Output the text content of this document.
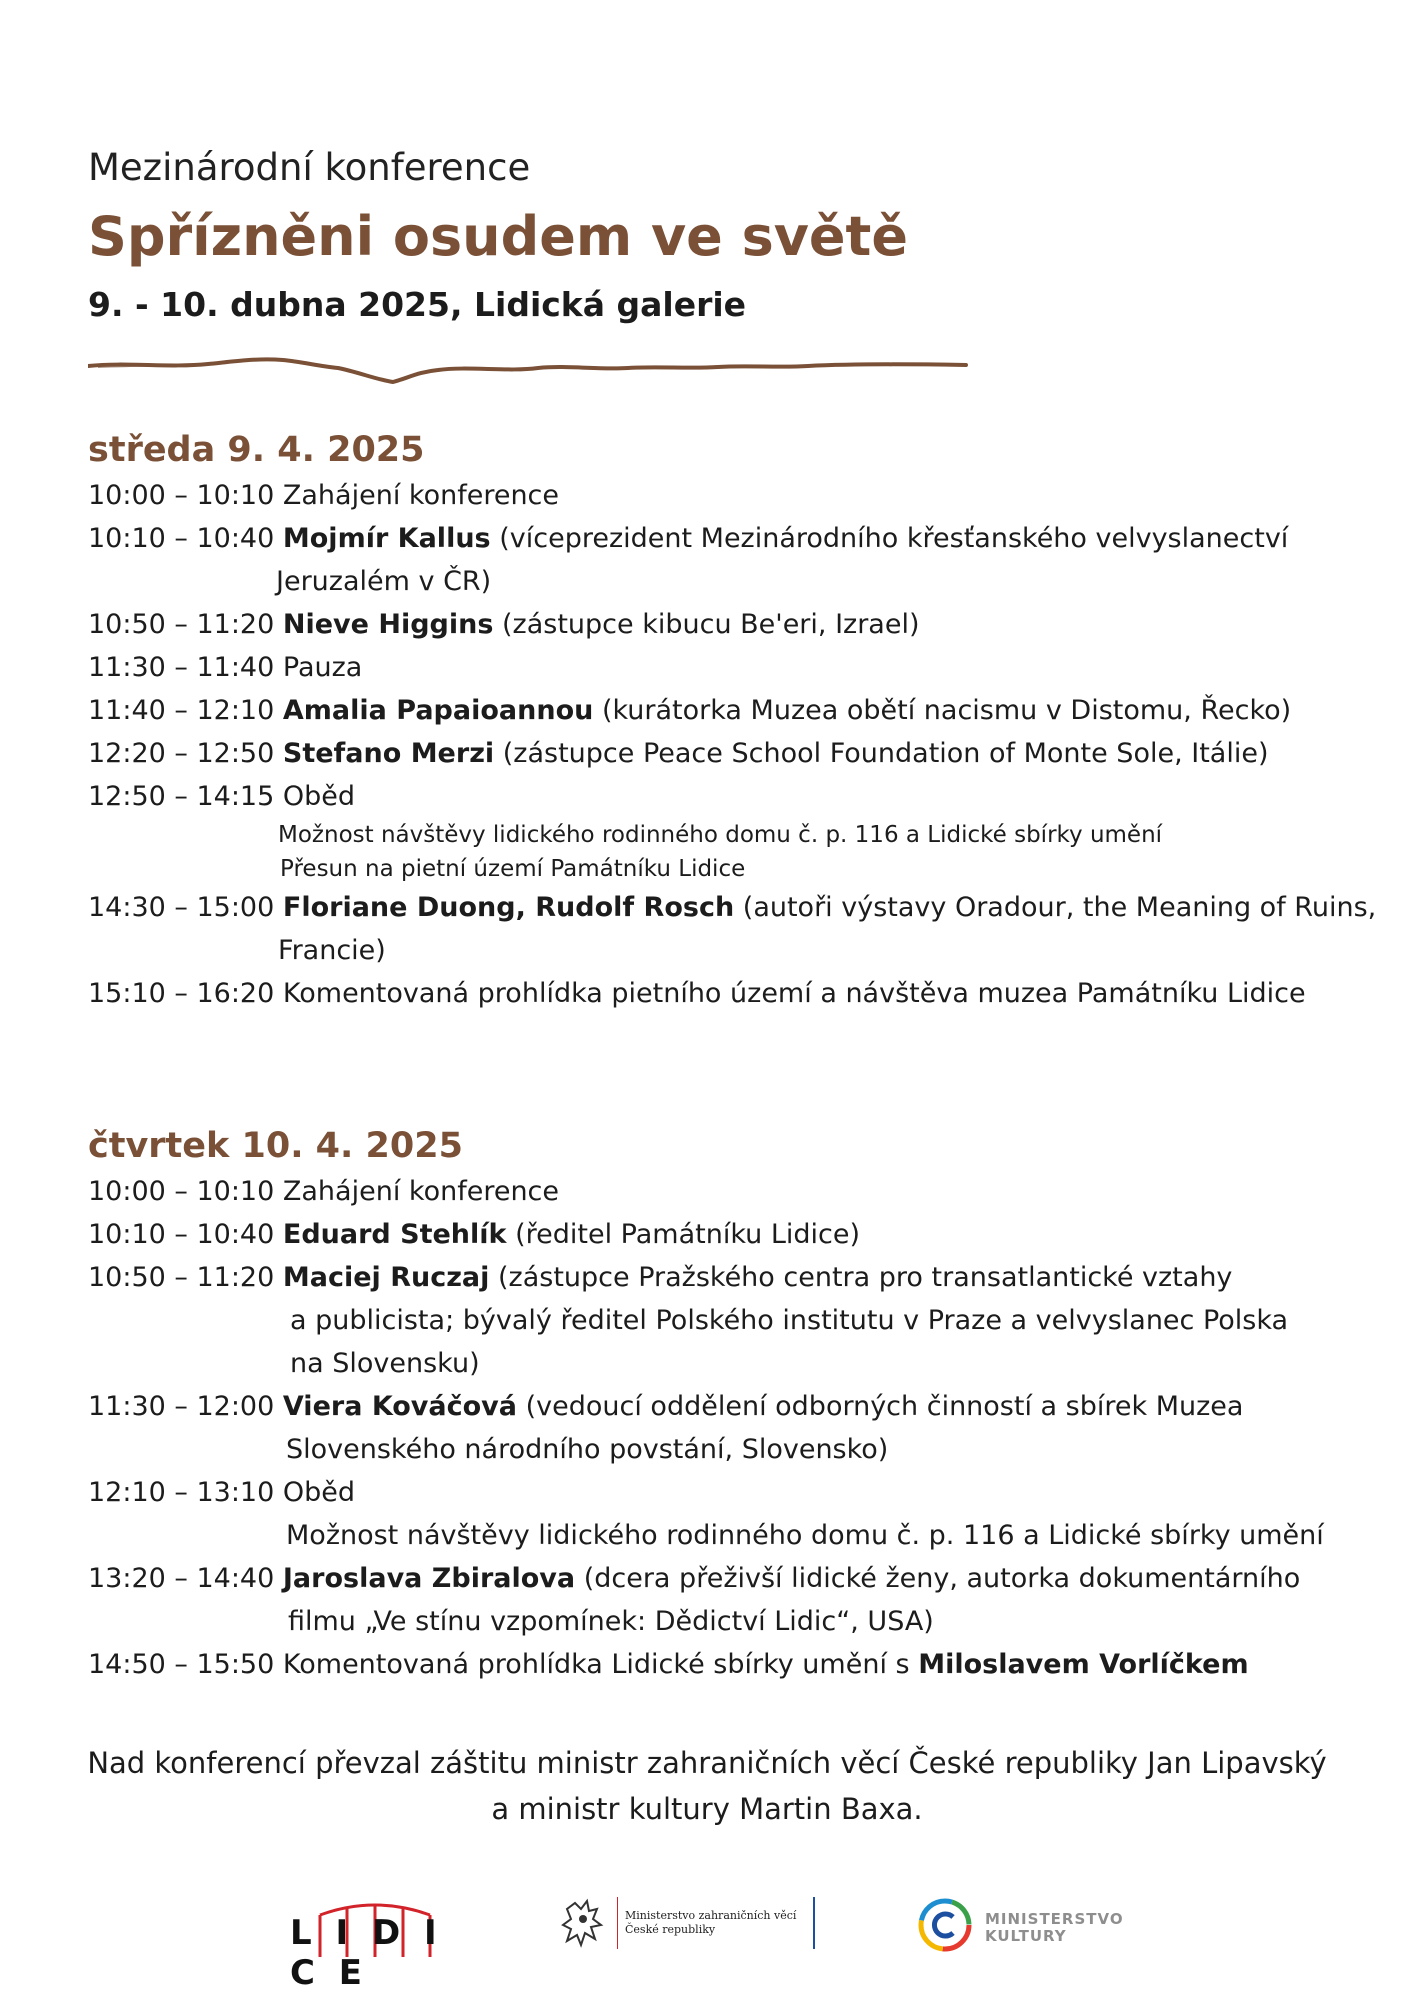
Mezinárodní konference
Spřízněni osudem ve světě
9. - 10. dubna 2025, Lidická galerie
středa 9. 4. 2025
10:00 – 10:10 Zahájení konference
10:10 – 10:40 Mojmír Kallus (víceprezident Mezinárodního křesťanského velvyslanectví
Jeruzalém v ČR)
10:50 – 11:20 Nieve Higgins (zástupce kibucu Be'eri, Izrael)
11:30 – 11:40 Pauza
11:40 – 12:10 Amalia Papaioannou (kurátorka Muzea obětí nacismu v Distomu, Řecko)
12:20 – 12:50 Stefano Merzi (zástupce Peace School Foundation of Monte Sole, Itálie)
12:50 – 14:15 Oběd
Možnost návštěvy lidického rodinného domu č. p. 116 a Lidické sbírky umění
Přesun na pietní území Památníku Lidice
14:30 – 15:00 Floriane Duong, Rudolf Rosch (autoři výstavy Oradour, the Meaning of Ruins,
Francie)
15:10 – 16:20 Komentovaná prohlídka pietního území a návštěva muzea Památníku Lidice
čtvrtek 10. 4. 2025
10:00 – 10:10 Zahájení konference
10:10 – 10:40 Eduard Stehlík (ředitel Památníku Lidice)
10:50 – 11:20 Maciej Ruczaj (zástupce Pražského centra pro transatlantické vztahy
a publicista; bývalý ředitel Polského institutu v Praze a velvyslanec Polska
na Slovensku)
11:30 – 12:00 Viera Kováčová (vedoucí oddělení odborných činností a sbírek Muzea
Slovenského národního povstání, Slovensko)
12:10 – 13:10 Oběd
Možnost návštěvy lidického rodinného domu č. p. 116 a Lidické sbírky umění
13:20 – 14:40 Jaroslava Zbiralova (dcera přeživší lidické ženy, autorka dokumentárního
filmu „Ve stínu vzpomínek: Dědictví Lidic“, USA)
14:50 – 15:50 Komentovaná prohlídka Lidické sbírky umění s Miloslavem Vorlíčkem
Nad konferencí převzal záštitu ministr zahraničních věcí České republiky Jan Lipavský
a ministr kultury Martin Baxa.
L I D I C E
Ministerstvo zahraničních věcí
České republiky
MINISTERSTVO
KULTURY
